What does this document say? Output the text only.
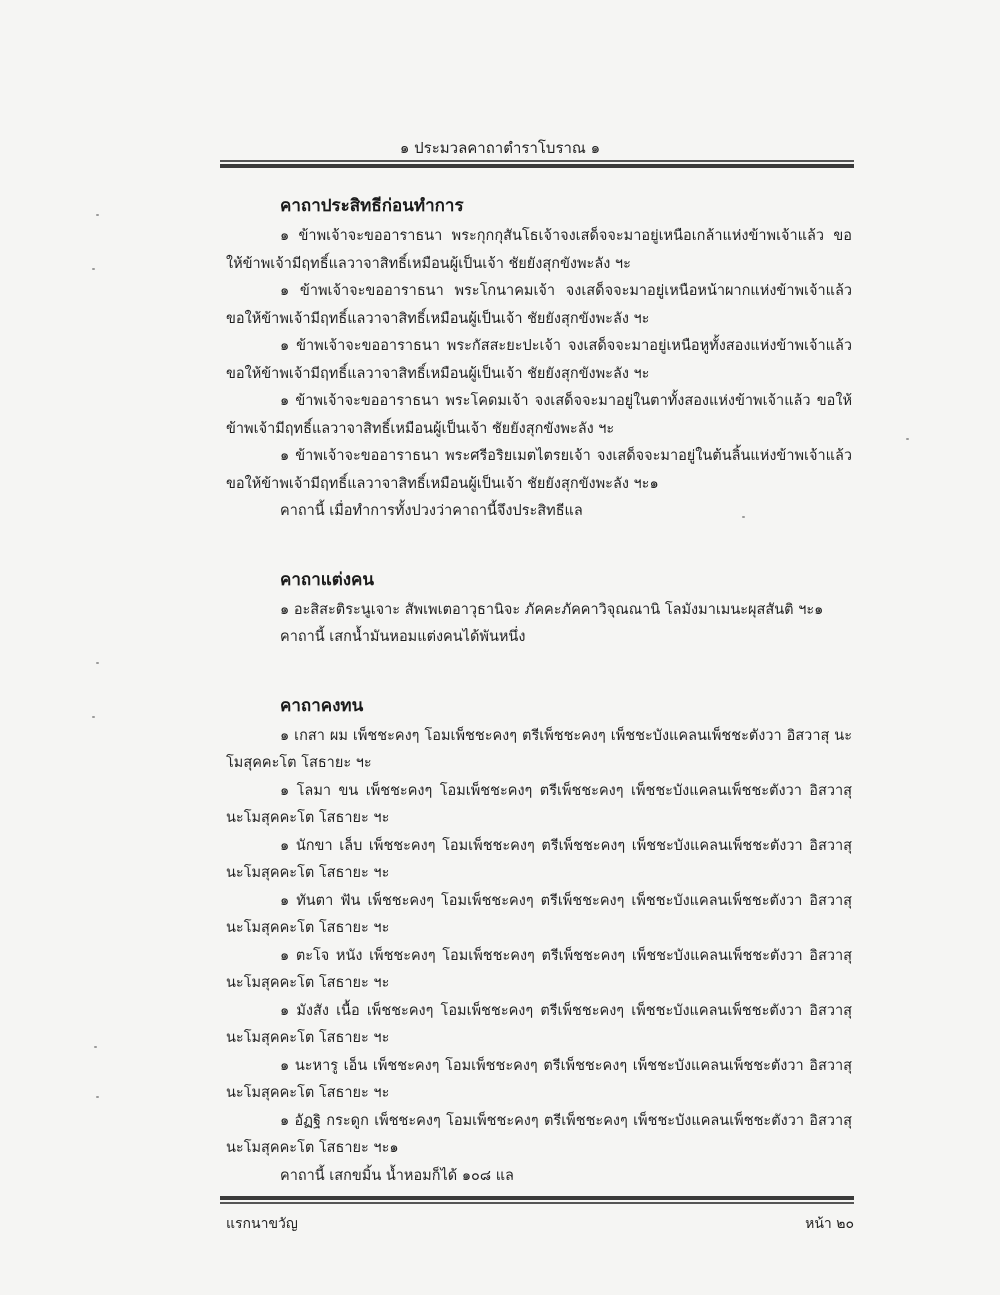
๑ ประมวลคาถาตำราโบราณ ๑
คาถาประสิทธีก่อนทำการ

๑ ข้าพเจ้าจะขออาราธนา พระกุกกุสันโธเจ้าจงเสด็จจะมาอยู่เหนือเกล้าแห่งข้าพเจ้าแล้ว ขอให้ข้าพเจ้ามีฤทธิ์แลวาจาสิทธิ์เหมือนผู้เป็นเจ้า ชัยยังสุกขังพะลัง ฯะ

๑ ข้าพเจ้าจะขออาราธนา พระโกนาคมเจ้า จงเสด็จจะมาอยู่เหนือหน้าผากแห่งข้าพเจ้าแล้ว ขอให้ข้าพเจ้ามีฤทธิ์แลวาจาสิทธิ์เหมือนผู้เป็นเจ้า ชัยยังสุกขังพะลัง ฯะ

๑ ข้าพเจ้าจะขออาราธนา พระกัสสะยะปะเจ้า จงเสด็จจะมาอยู่เหนือหูทั้งสองแห่งข้าพเจ้าแล้ว ขอให้ข้าพเจ้ามีฤทธิ์แลวาจาสิทธิ์เหมือนผู้เป็นเจ้า ชัยยังสุกขังพะลัง ฯะ

๑ ข้าพเจ้าจะขออาราธนา พระโคดมเจ้า จงเสด็จจะมาอยู่ในตาทั้งสองแห่งข้าพเจ้าแล้ว ขอให้ข้าพเจ้ามีฤทธิ์แลวาจาสิทธิ์เหมือนผู้เป็นเจ้า ชัยยังสุกขังพะลัง ฯะ

๑ ข้าพเจ้าจะขออาราธนา พระศรีอริยเมตไตรยเจ้า จงเสด็จจะมาอยู่ในต้นลิ้นแห่งข้าพเจ้าแล้ว ขอให้ข้าพเจ้ามีฤทธิ์แลวาจาสิทธิ์เหมือนผู้เป็นเจ้า ชัยยังสุกขังพะลัง ฯะ๑

คาถานี้ เมื่อทำการทั้งปวงว่าคาถานี้จึงประสิทธีแล

คาถาแต่งคน

๑ อะสิสะติระนูเจาะ สัพเพเตอาวุธานิจะ ภัคคะภัคคาวิจุณณานิ โลมังมาเมนะผุสสันติ ฯะ๑

คาถานี้ เสกน้ำมันหอมแต่งคนได้พันหนึ่ง

คาถาคงทน

๑ เกสา ผม เพ็ชชะคงๆ โอมเพ็ชชะคงๆ ตรีเพ็ชชะคงๆ เพ็ชชะบังแคลนเพ็ชชะตังวา อิสวาสุ นะโมสุคคะโต โสธายะ ฯะ

๑ โลมา ขน เพ็ชชะคงๆ โอมเพ็ชชะคงๆ ตรีเพ็ชชะคงๆ เพ็ชชะบังแคลนเพ็ชชะตังวา อิสวาสุ นะโมสุคคะโต โสธายะ ฯะ

๑ นักขา เล็บ เพ็ชชะคงๆ โอมเพ็ชชะคงๆ ตรีเพ็ชชะคงๆ เพ็ชชะบังแคลนเพ็ชชะตังวา อิสวาสุ นะโมสุคคะโต โสธายะ ฯะ

๑ ทันตา ฟัน เพ็ชชะคงๆ โอมเพ็ชชะคงๆ ตรีเพ็ชชะคงๆ เพ็ชชะบังแคลนเพ็ชชะตังวา อิสวาสุ นะโมสุคคะโต โสธายะ ฯะ

๑ ตะโจ หนัง เพ็ชชะคงๆ โอมเพ็ชชะคงๆ ตรีเพ็ชชะคงๆ เพ็ชชะบังแคลนเพ็ชชะตังวา อิสวาสุ นะโมสุคคะโต โสธายะ ฯะ

๑ มังสัง เนื้อ เพ็ชชะคงๆ โอมเพ็ชชะคงๆ ตรีเพ็ชชะคงๆ เพ็ชชะบังแคลนเพ็ชชะตังวา อิสวาสุ นะโมสุคคะโต โสธายะ ฯะ

๑ นะหารู เอ็น เพ็ชชะคงๆ โอมเพ็ชชะคงๆ ตรีเพ็ชชะคงๆ เพ็ชชะบังแคลนเพ็ชชะตังวา อิสวาสุ นะโมสุคคะโต โสธายะ ฯะ

๑ อัฏฐิ กระดูก เพ็ชชะคงๆ โอมเพ็ชชะคงๆ ตรีเพ็ชชะคงๆ เพ็ชชะบังแคลนเพ็ชชะตังวา อิสวาสุ นะโมสุคคะโต โสธายะ ฯะ๑

คาถานี้ เสกขมิ้น น้ำหอมก็ได้ ๑๐๘ แล

แรกนาขวัญ	หน้า ๒๐
